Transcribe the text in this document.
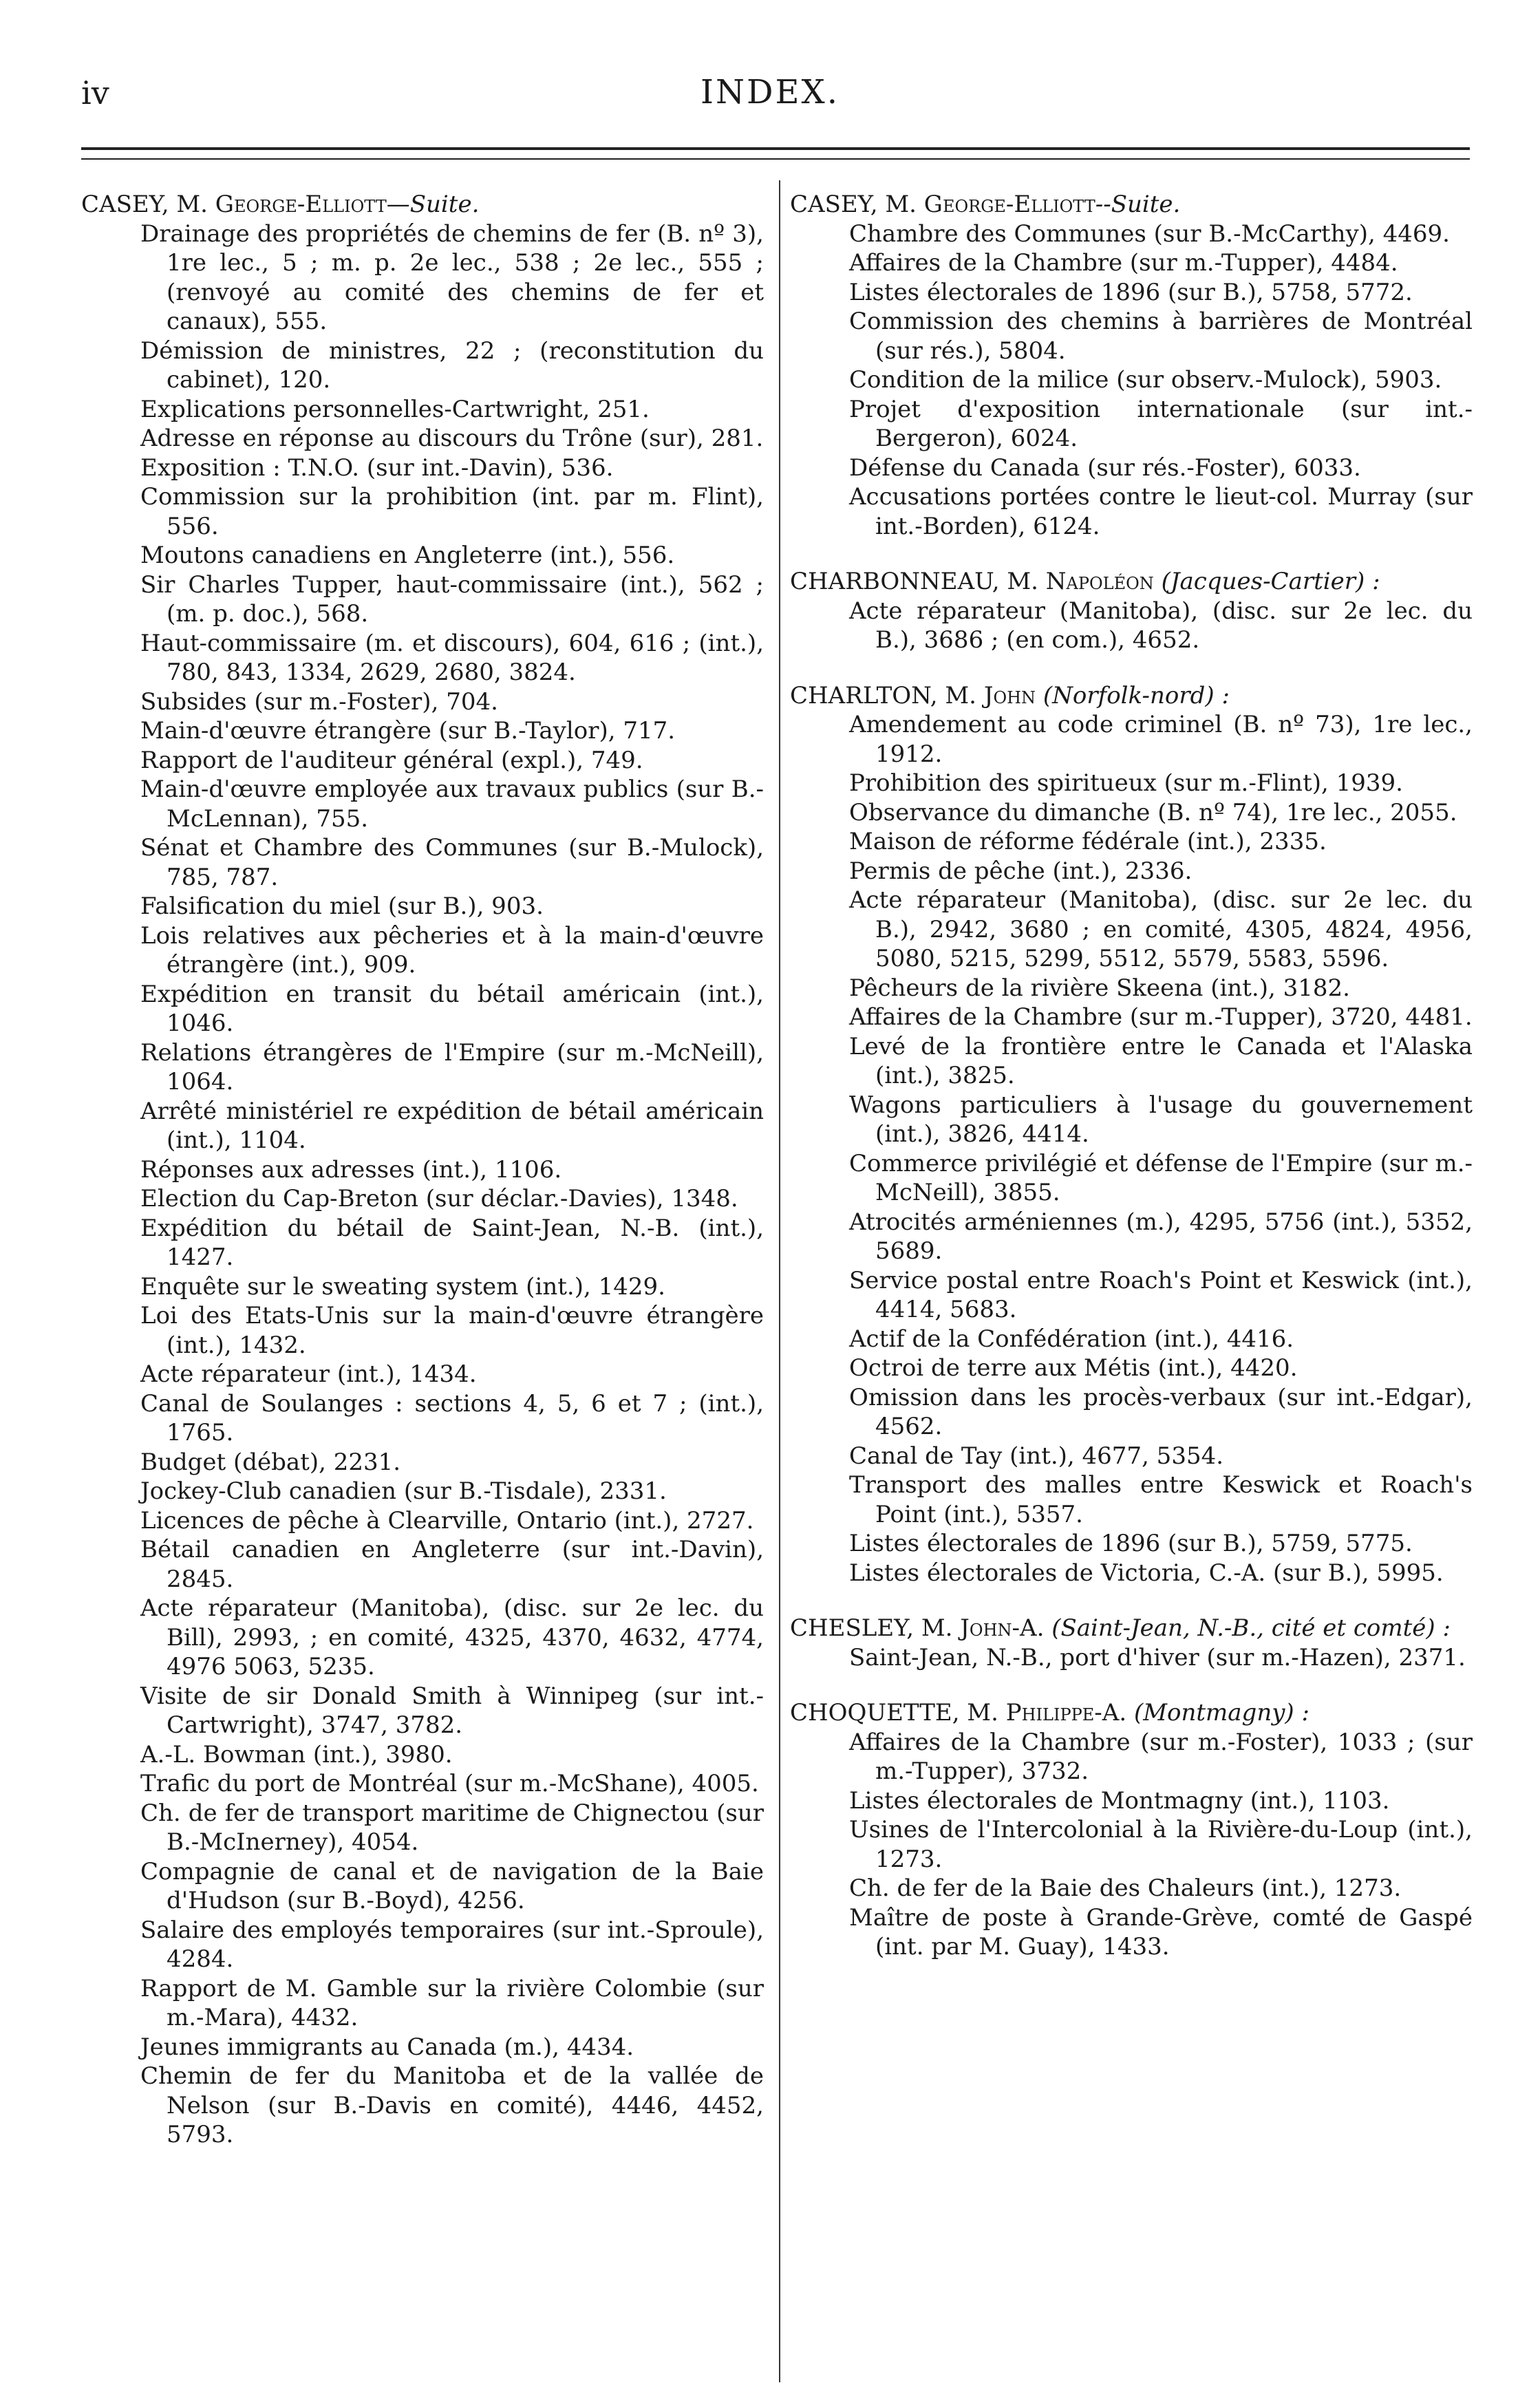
iv	INDEX.

CASEY, M. George-Elliott—Suite.

Drainage des propriétés de chemins de fer (B. nº 3), 1re lec., 5 ; m. p. 2e lec., 538 ; 2e lec., 555 ; (renvoyé au comité des chemins de fer et canaux), 555.

Démission de ministres, 22 ; (reconstitution du cabinet), 120.

Explications personnelles-Cartwright, 251.

Adresse en réponse au discours du Trône (sur), 281.

Exposition : T.N.O. (sur int.-Davin), 536.

Commission sur la prohibition (int. par m. Flint), 556.

Moutons canadiens en Angleterre (int.), 556.

Sir Charles Tupper, haut-commissaire (int.), 562 ; (m. p. doc.), 568.

Haut-commissaire (m. et discours), 604, 616 ; (int.), 780, 843, 1334, 2629, 2680, 3824.

Subsides (sur m.-Foster), 704.

Main-d'œuvre étrangère (sur B.-Taylor), 717.

Rapport de l'auditeur général (expl.), 749.

Main-d'œuvre employée aux travaux publics (sur B.-McLennan), 755.

Sénat et Chambre des Communes (sur B.-Mulock), 785, 787.

Falsification du miel (sur B.), 903.

Lois relatives aux pêcheries et à la main-d'œuvre étrangère (int.), 909.

Expédition en transit du bétail américain (int.), 1046.

Relations étrangères de l'Empire (sur m.-McNeill), 1064.

Arrêté ministériel re expédition de bétail américain (int.), 1104.

Réponses aux adresses (int.), 1106.

Election du Cap-Breton (sur déclar.-Davies), 1348.

Expédition du bétail de Saint-Jean, N.-B. (int.), 1427.

Enquête sur le sweating system (int.), 1429.

Loi des Etats-Unis sur la main-d'œuvre étrangère (int.), 1432.

Acte réparateur (int.), 1434.

Canal de Soulanges : sections 4, 5, 6 et 7 ; (int.), 1765.

Budget (débat), 2231.

Jockey-Club canadien (sur B.-Tisdale), 2331.

Licences de pêche à Clearville, Ontario (int.), 2727.

Bétail canadien en Angleterre (sur int.-Davin), 2845.

Acte réparateur (Manitoba), (disc. sur 2e lec. du Bill), 2993, ; en comité, 4325, 4370, 4632, 4774, 4976 5063, 5235.

Visite de sir Donald Smith à Winnipeg (sur int.-Cartwright), 3747, 3782.

A.-L. Bowman (int.), 3980.

Trafic du port de Montréal (sur m.-McShane), 4005.

Ch. de fer de transport maritime de Chignectou (sur B.-McInerney), 4054.

Compagnie de canal et de navigation de la Baie d'Hudson (sur B.-Boyd), 4256.

Salaire des employés temporaires (sur int.-Sproule), 4284.

Rapport de M. Gamble sur la rivière Colombie (sur m.-Mara), 4432.

Jeunes immigrants au Canada (m.), 4434.

Chemin de fer du Manitoba et de la vallée de Nelson (sur B.-Davis en comité), 4446, 4452, 5793.

CASEY, M. George-Elliott--Suite.

Chambre des Communes (sur B.-McCarthy), 4469.

Affaires de la Chambre (sur m.-Tupper), 4484.

Listes électorales de 1896 (sur B.), 5758, 5772.

Commission des chemins à barrières de Montréal (sur rés.), 5804.

Condition de la milice (sur observ.-Mulock), 5903.

Projet d'exposition internationale (sur int.-Bergeron), 6024.

Défense du Canada (sur rés.-Foster), 6033.

Accusations portées contre le lieut-col. Murray (sur int.-Borden), 6124.

CHARBONNEAU, M. Napoléon (Jacques-Cartier) :

Acte réparateur (Manitoba), (disc. sur 2e lec. du B.), 3686 ; (en com.), 4652.

CHARLTON, M. John (Norfolk-nord) :

Amendement au code criminel (B. nº 73), 1re lec., 1912.

Prohibition des spiritueux (sur m.-Flint), 1939.

Observance du dimanche (B. nº 74), 1re lec., 2055.

Maison de réforme fédérale (int.), 2335.

Permis de pêche (int.), 2336.

Acte réparateur (Manitoba), (disc. sur 2e lec. du B.), 2942, 3680 ; en comité, 4305, 4824, 4956, 5080, 5215, 5299, 5512, 5579, 5583, 5596.

Pêcheurs de la rivière Skeena (int.), 3182.

Affaires de la Chambre (sur m.-Tupper), 3720, 4481.

Levé de la frontière entre le Canada et l'Alaska (int.), 3825.

Wagons particuliers à l'usage du gouvernement (int.), 3826, 4414.

Commerce privilégié et défense de l'Empire (sur m.-McNeill), 3855.

Atrocités arméniennes (m.), 4295, 5756 (int.), 5352, 5689.

Service postal entre Roach's Point et Keswick (int.), 4414, 5683.

Actif de la Confédération (int.), 4416.

Octroi de terre aux Métis (int.), 4420.

Omission dans les procès-verbaux (sur int.-Edgar), 4562.

Canal de Tay (int.), 4677, 5354.

Transport des malles entre Keswick et Roach's Point (int.), 5357.

Listes électorales de 1896 (sur B.), 5759, 5775.

Listes électorales de Victoria, C.-A. (sur B.), 5995.

CHESLEY, M. John-A. (Saint-Jean, N.-B., cité et comté) :

Saint-Jean, N.-B., port d'hiver (sur m.-Hazen), 2371.

CHOQUETTE, M. Philippe-A. (Montmagny) :

Affaires de la Chambre (sur m.-Foster), 1033 ; (sur m.-Tupper), 3732.

Listes électorales de Montmagny (int.), 1103.

Usines de l'Intercolonial à la Rivière-du-Loup (int.), 1273.

Ch. de fer de la Baie des Chaleurs (int.), 1273.

Maître de poste à Grande-Grève, comté de Gaspé (int. par M. Guay), 1433.
